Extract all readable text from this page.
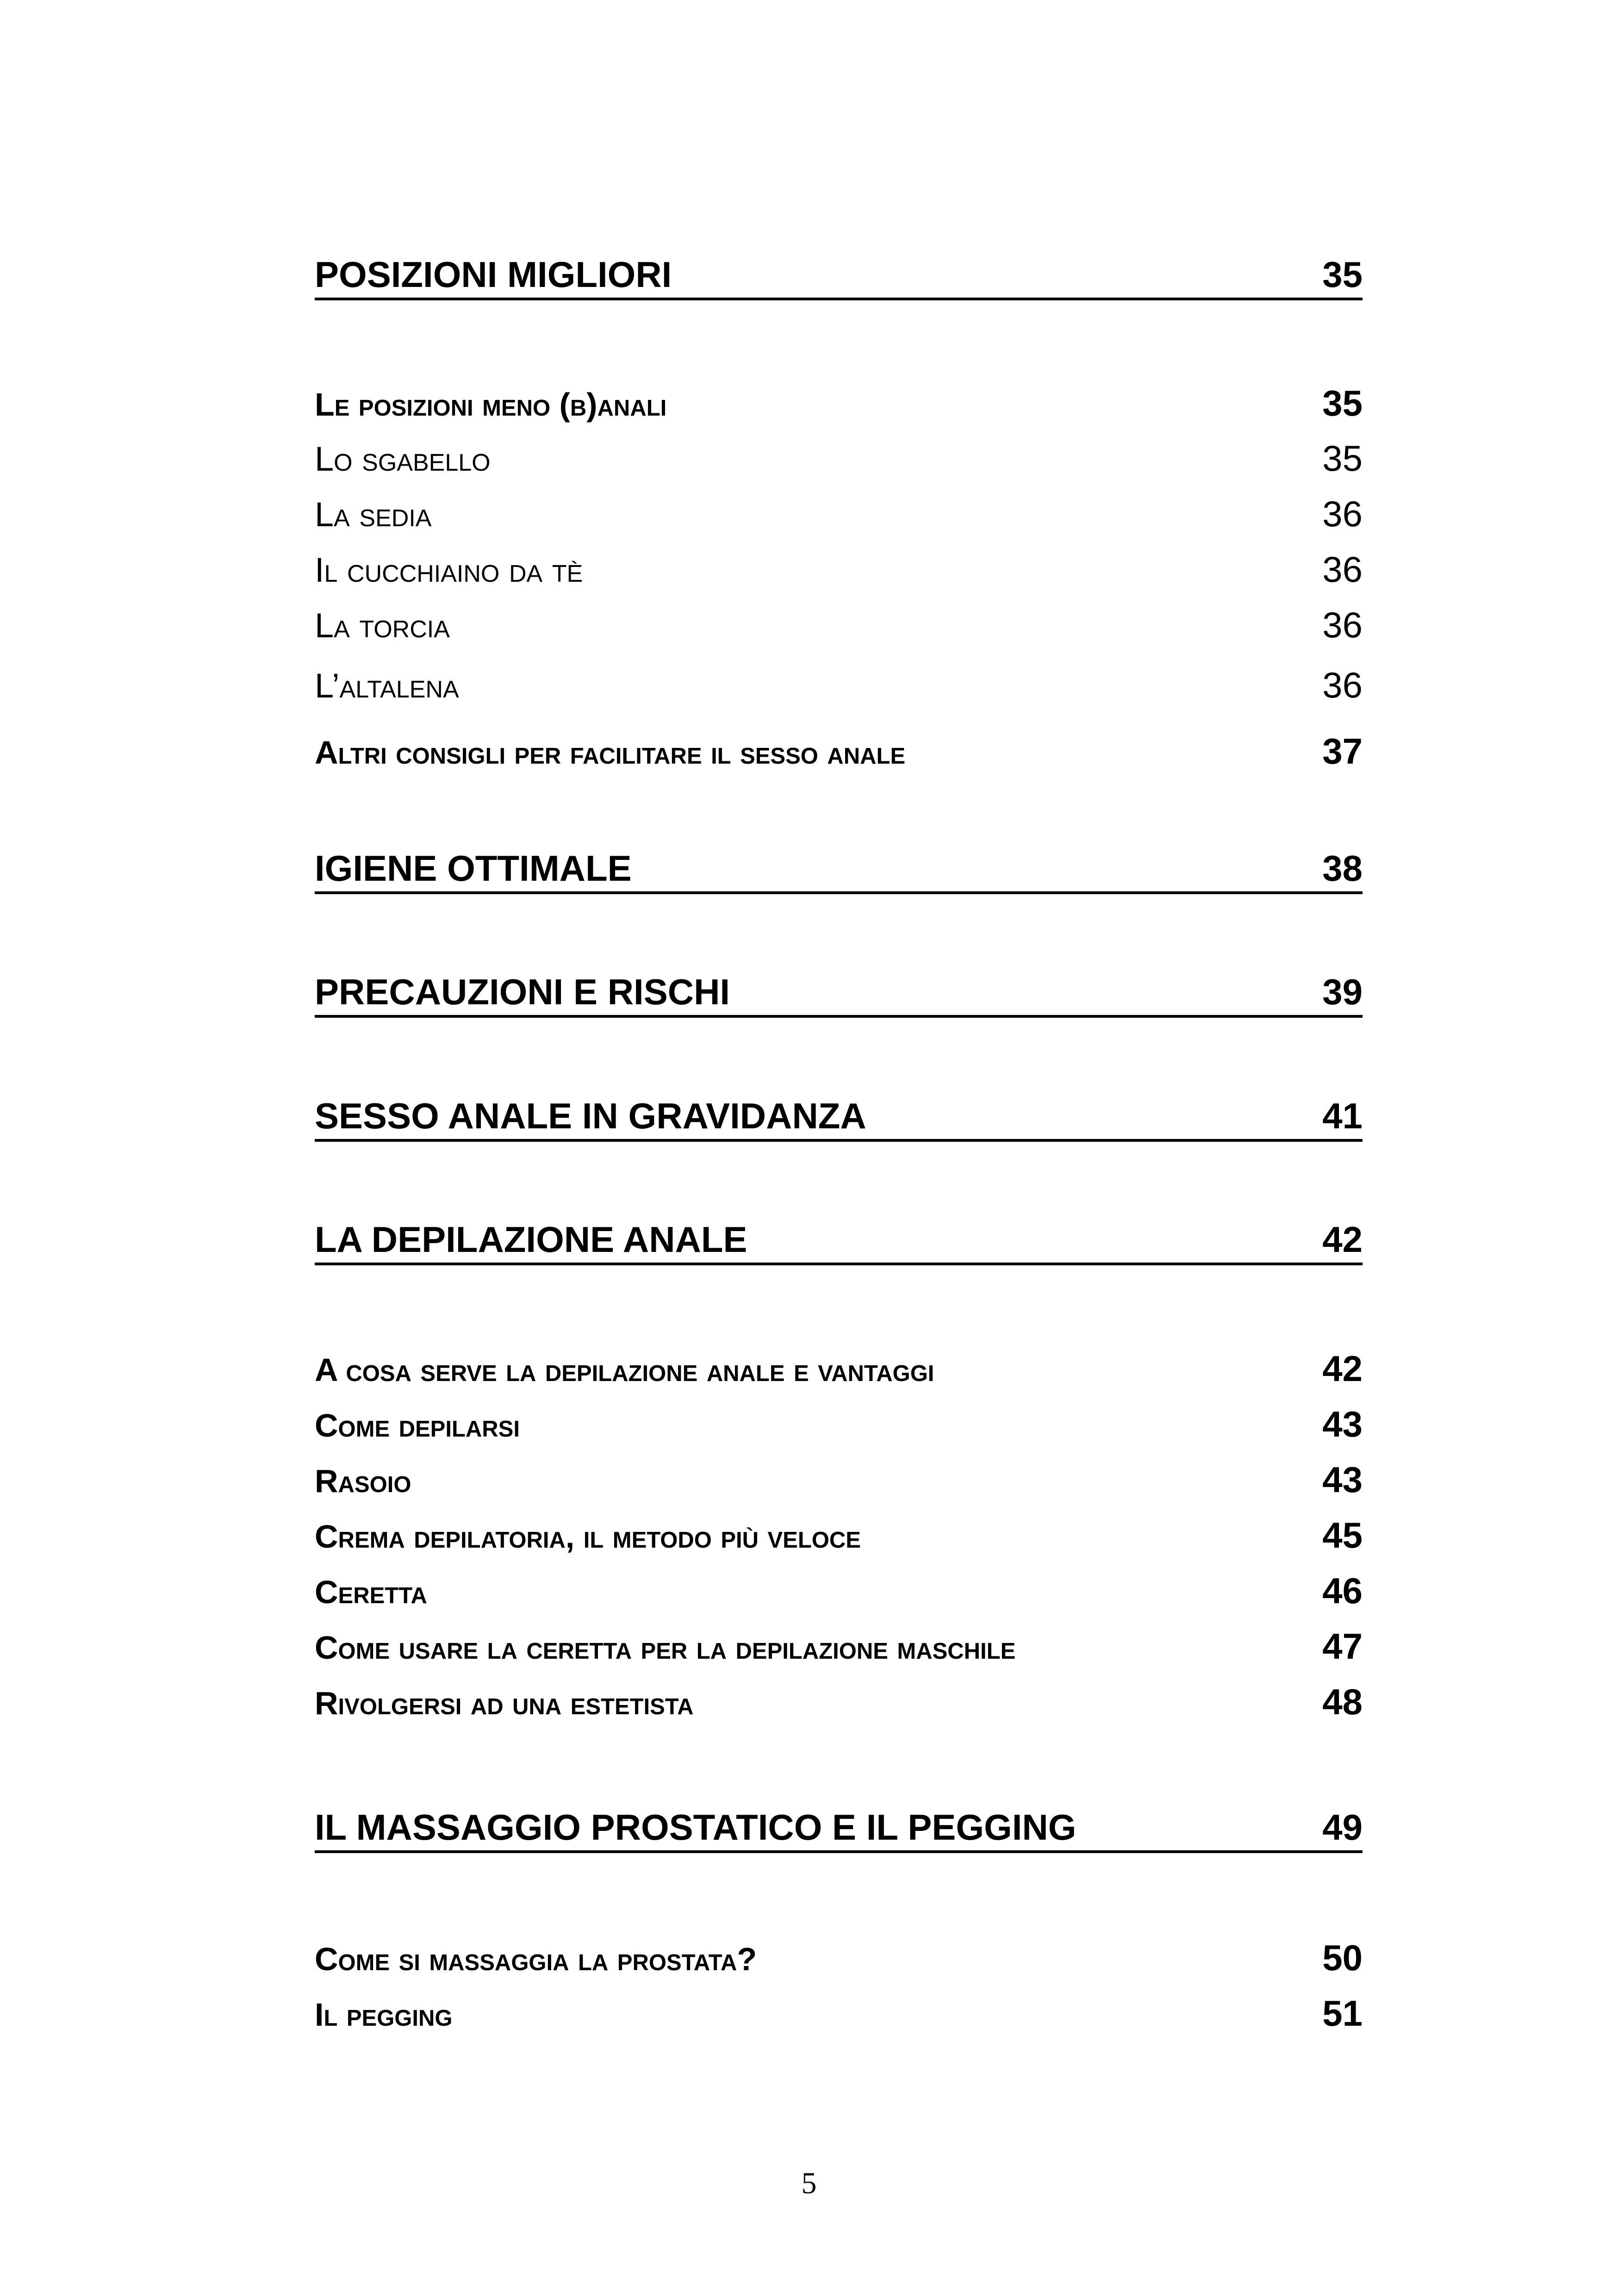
POSIZIONI MIGLIORI	35
Le posizioni meno (b)anali	35
Lo sgabello	35
La sedia	36
Il cucchiaino da tè	36
La torcia	36
L’altalena	36
Altri consigli per facilitare il sesso anale	37
IGIENE OTTIMALE	38
PRECAUZIONI E RISCHI	39
SESSO ANALE IN GRAVIDANZA	41
LA DEPILAZIONE ANALE	42
A cosa serve la depilazione anale e vantaggi	42
Come depilarsi	43
Rasoio	43
Crema depilatoria, il metodo più veloce	45
Ceretta	46
Come usare la ceretta per la depilazione maschile	47
Rivolgersi ad una estetista	48
IL MASSAGGIO PROSTATICO E IL PEGGING	49
Come si massaggia la prostata?	50
Il pegging	51
5
